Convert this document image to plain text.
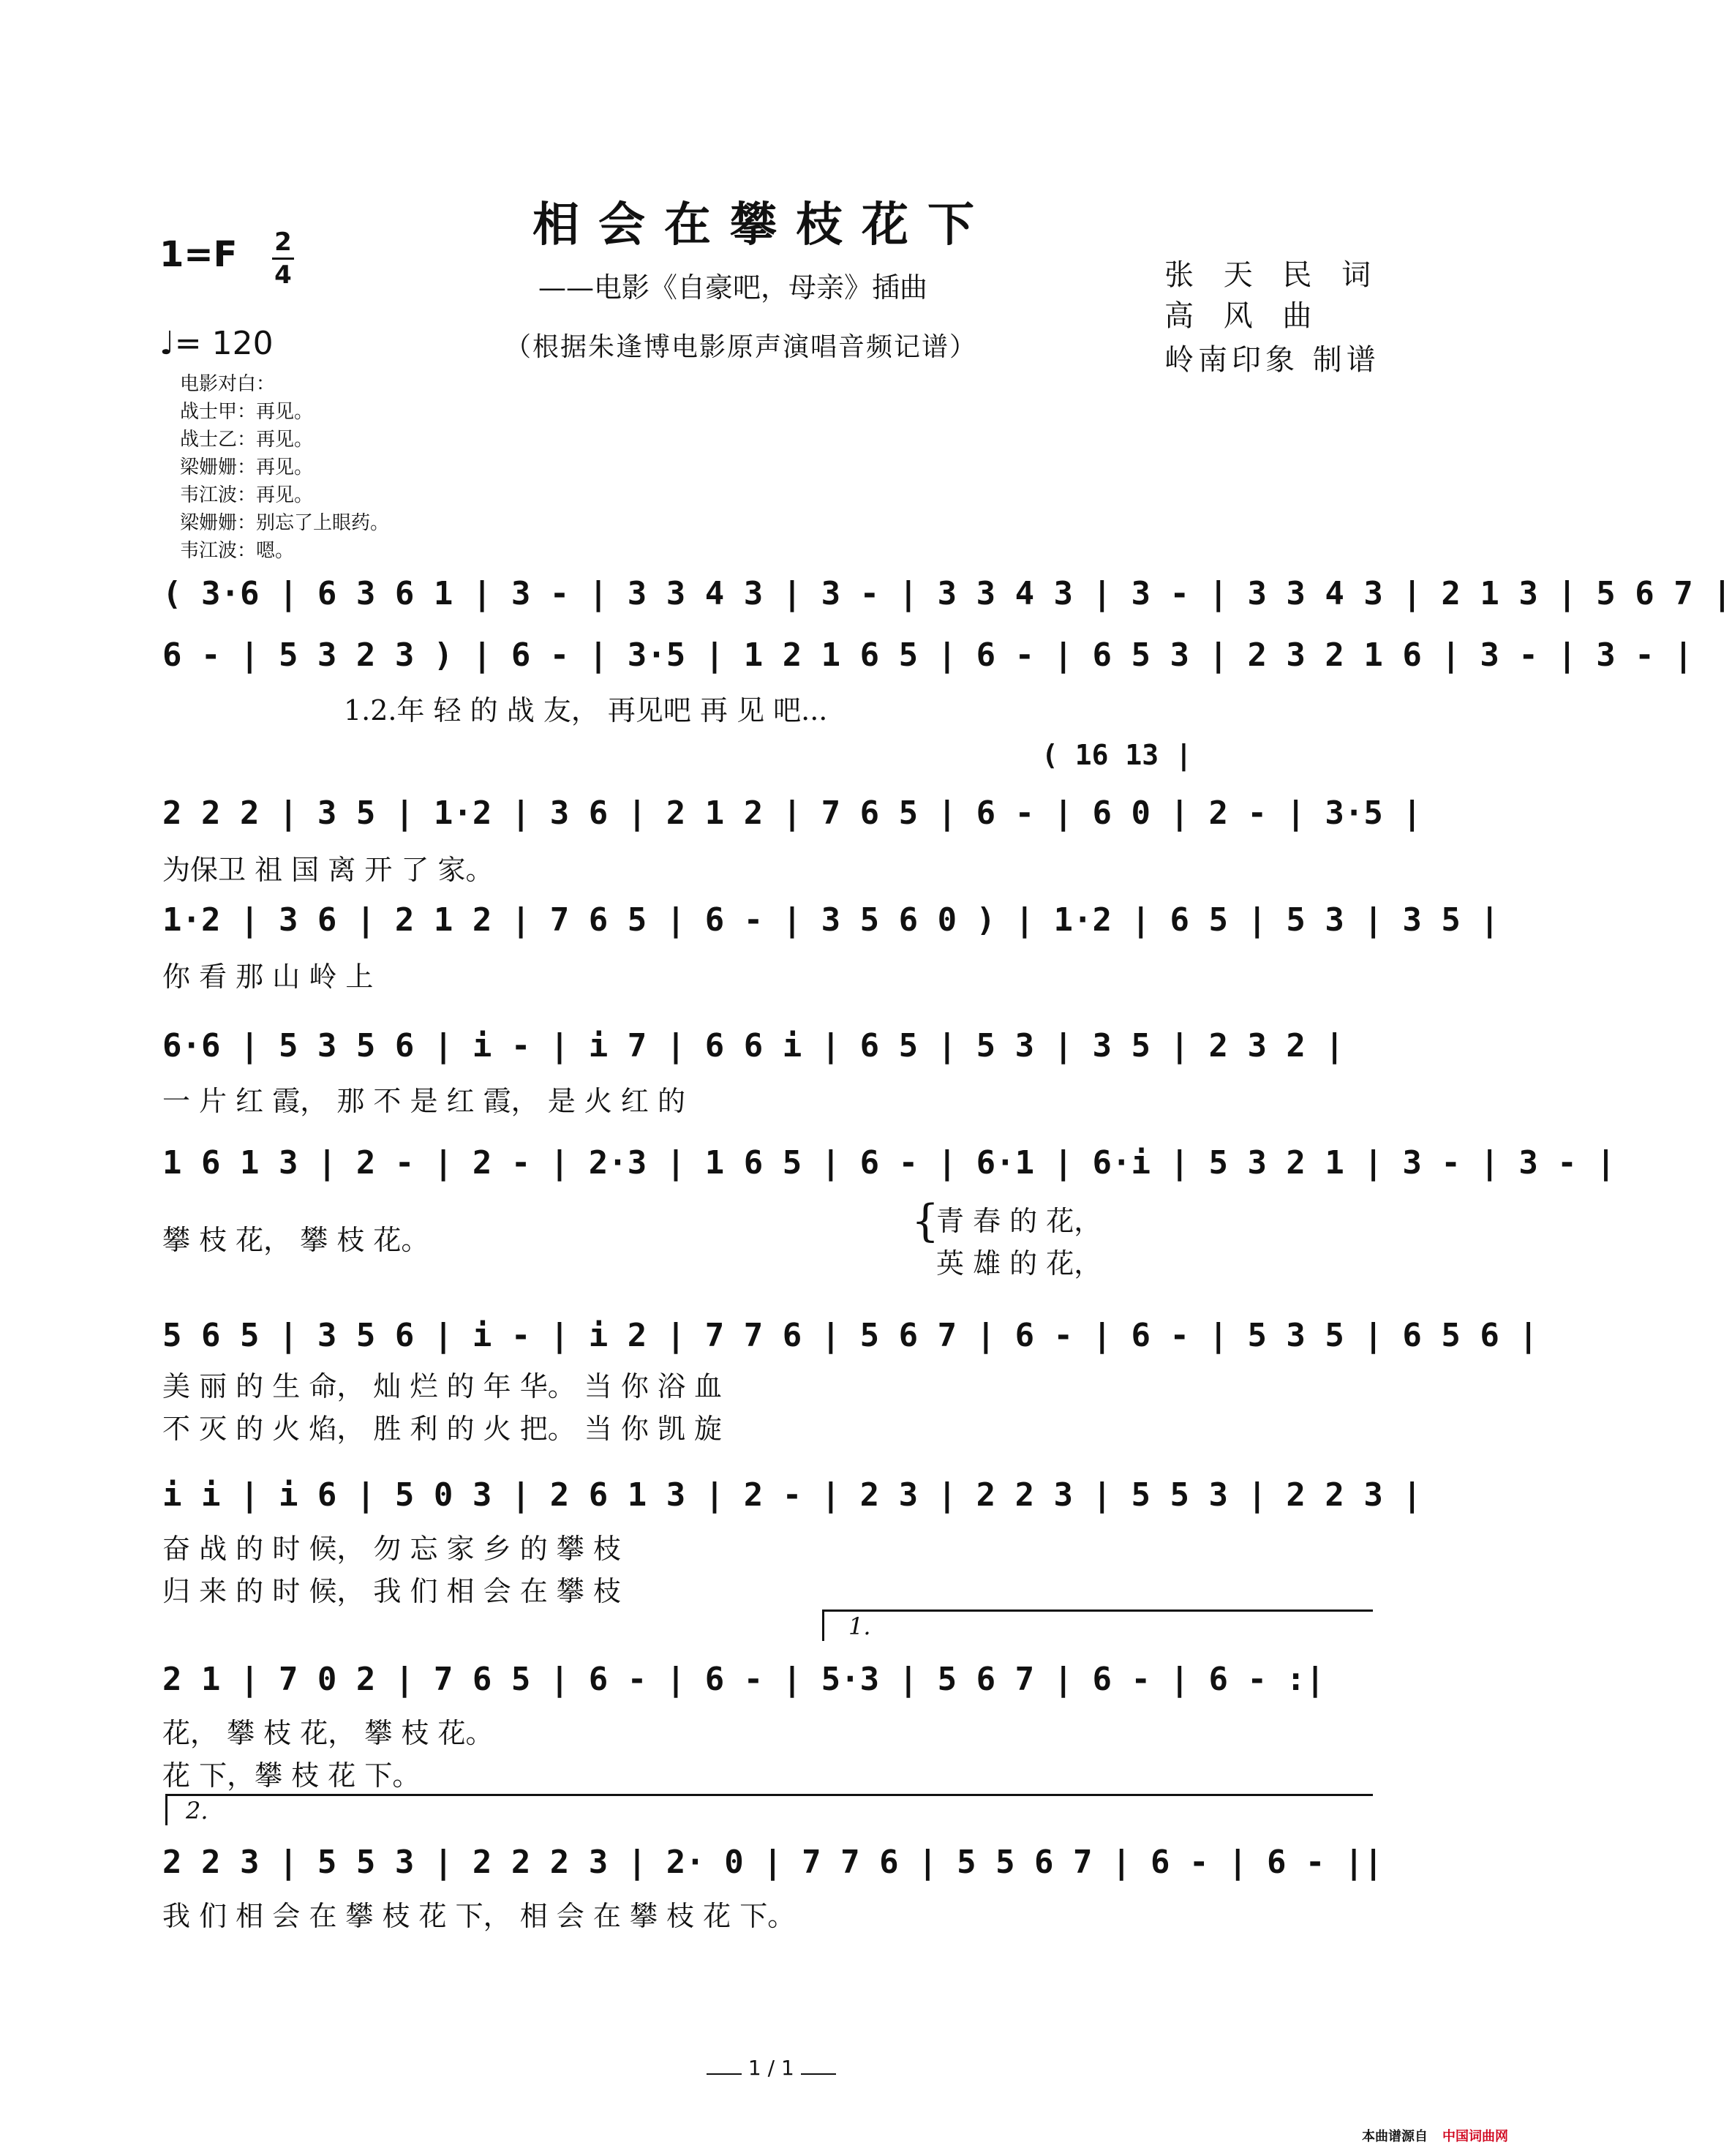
相会在攀枝花下
——电影《自豪吧，母亲》插曲
（根据朱逢博电影原声演唱音频记谱）
1=F 2
4
♩= 120
张 天 民 词
高 风 曲
岭南印象 制谱
电影对白：
战士甲：再见。
战士乙：再见。
梁姗姗：再见。
韦江波：再见。
梁姗姗：别忘了上眼药。
韦江波：嗯。
( 3·6 | 6 3 6 1 | 3 - | 3 3 4 3 | 3 - | 3 3 4 3 | 3 - | 3 3 4 3 | 2 1 3 | 5 6 7 |
6 - | 5 3 2 3 ) | 6 - | 3·5 | 1 2 1 6 5 | 6 - | 6 5 3 | 2 3 2 1 6 | 3 - | 3 - |
1.2.年 轻 的 战 友， 再见吧 再 见 吧...
( 16 13 |
2 2 2 | 3 5 | 1·2 | 3 6 | 2 1 2 | 7 6 5 | 6 - | 6 0 | 2 - | 3·5 |
为保卫 祖 国 离 开 了 家。
1·2 | 3 6 | 2 1 2 | 7 6 5 | 6 - | 3 5 6 0 ) | 1·2 | 6 5 | 5 3 | 3 5 |
你 看 那 山 岭 上
6·6 | 5 3 5 6 | i - | i 7 | 6 6 i | 6 5 | 5 3 | 3 5 | 2 3 2 |
一 片 红 霞， 那 不 是 红 霞， 是 火 红 的
1 6 1 3 | 2 - | 2 - | 2·3 | 1 6 5 | 6 - | 6·1 | 6·i | 5 3 2 1 | 3 - | 3 - |
攀 枝 花， 攀 枝 花。	{
青 春 的 花，
英 雄 的 花，
5 6 5 | 3 5 6 | i - | i 2 | 7 7 6 | 5 6 7 | 6 - | 6 - | 5 3 5 | 6 5 6 |
美 丽 的 生 命， 灿 烂 的 年 华。 当 你 浴 血
不 灭 的 火 焰， 胜 利 的 火 把。 当 你 凯 旋
i i | i 6 | 5 0 3 | 2 6 1 3 | 2 - | 2 3 | 2 2 3 | 5 5 3 | 2 2 3 |
奋 战 的 时 候， 勿 忘 家 乡 的 攀 枝
归 来 的 时 候， 我 们 相 会 在 攀 枝
1.
2 1 | 7 0 2 | 7 6 5 | 6 - | 6 - | 5·3 | 5 6 7 | 6 - | 6 - :|
花， 攀 枝 花， 攀 枝 花。
花 下，攀 枝 花 下。
2.
2 2 3 | 5 5 3 | 2 2 2 3 | 2· 0 | 7 7 6 | 5 5 6 7 | 6 - | 6 - ||
我 们 相 会 在 攀 枝 花 下， 相 会 在 攀 枝 花 下。
1 / 1
本曲谱源自 中国词曲网
